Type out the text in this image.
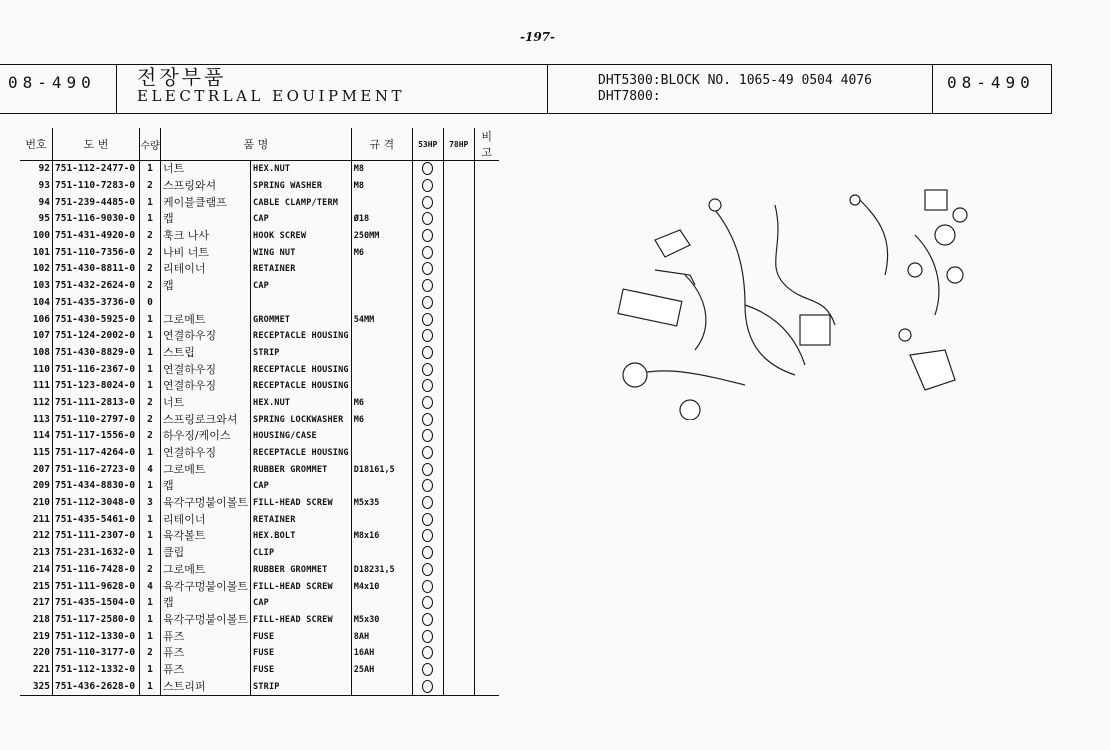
-197-
08-490	전장부품
ELECTRLAL EOUIPMENT
DHT5300:BLOCK NO. 1065-49 0504 4076
DHT7800:
08-490
번호	도 번	수량	품 명		규 격	53HP	78HP	비 고
92	751-112-2477-0	1	너트	HEX.NUT	M8			
93	751-110-7283-0	2	스프링와셔	SPRING WASHER	M8			
94	751-239-4485-0	1	케이블클램프	CABLE CLAMP/TERM				
95	751-116-9030-0	1	캡	CAP	Ø18			
100	751-431-4920-0	2	훅크 나사	HOOK SCREW	250MM			
101	751-110-7356-0	2	나비 너트	WING NUT	M6			
102	751-430-8811-0	2	리테이너	RETAINER				
103	751-432-2624-0	2	캡	CAP				
104	751-435-3736-0	0						
106	751-430-5925-0	1	그로메트	GROMMET	54MM			
107	751-124-2002-0	1	연결하우징	RECEPTACLE HOUSING				
108	751-430-8829-0	1	스트립	STRIP				
110	751-116-2367-0	1	연결하우징	RECEPTACLE HOUSING				
111	751-123-8024-0	1	연결하우징	RECEPTACLE HOUSING				
112	751-111-2813-0	2	너트	HEX.NUT	M6			
113	751-110-2797-0	2	스프링로크와셔	SPRING LOCKWASHER	M6			
114	751-117-1556-0	2	하우징/케이스	HOUSING/CASE				
115	751-117-4264-0	1	연결하우징	RECEPTACLE HOUSING				
207	751-116-2723-0	4	그로메트	RUBBER GROMMET	D18161,5			
209	751-434-8830-0	1	캡	CAP				
210	751-112-3048-0	3	육각구멍붙이볼트	FILL-HEAD SCREW	M5x35			
211	751-435-5461-0	1	리테이너	RETAINER				
212	751-111-2307-0	1	육각볼트	HEX.BOLT	M8x16			
213	751-231-1632-0	1	클립	CLIP				
214	751-116-7428-0	2	그로메트	RUBBER GROMMET	D18231,5			
215	751-111-9628-0	4	육각구멍붙이볼트	FILL-HEAD SCREW	M4x10			
217	751-435-1504-0	1	캡	CAP				
218	751-117-2580-0	1	육각구멍붙이볼트	FILL-HEAD SCREW	M5x30			
219	751-112-1330-0	1	퓨즈	FUSE	8AH			
220	751-110-3177-0	2	퓨즈	FUSE	16AH			
221	751-112-1332-0	1	퓨즈	FUSE	25AH			
325	751-436-2628-0	1	스트리퍼	STRIP				
